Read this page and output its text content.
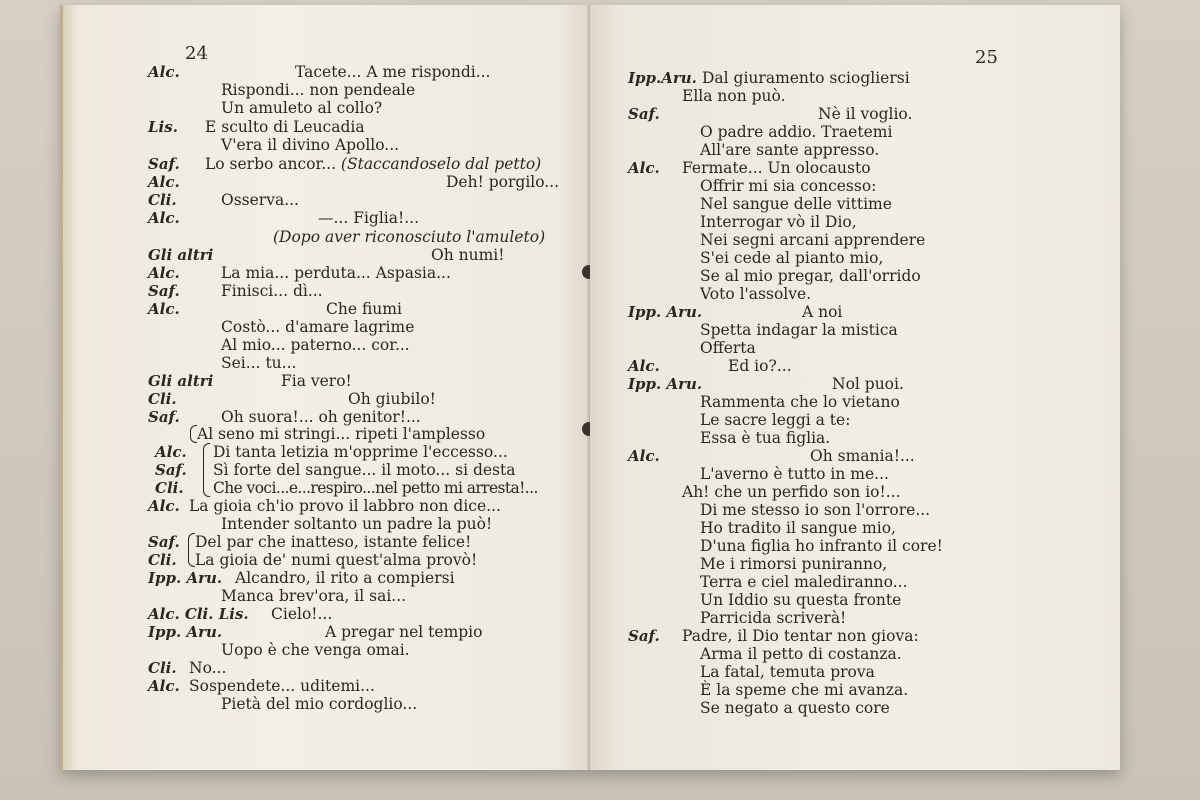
24
Alc.	Tacete... A me rispondi...
Rispondi... non pendeale
Un amuleto al collo?
Lis. E sculto di Leucadia
V'era il divino Apollo...
Saf. Lo serbo ancor... (Staccandoselo dal petto)
Deh! porgilo...
Alc.
Cli.	Osserva...
Alc.	—... Figlia!...
(Dopo aver riconosciuto l'amuleto)
Gli altri	Oh numi!
Alc.	La mia... perduta... Aspasia...
Saf.	Finisci... dì...
Alc.	Che fiumi
Costò... d'amare lagrime
Al mio... paterno... cor...
Sei... tu...
Gli altri	Fia vero!
Cli.	Oh giubilo!
Saf.	Oh suora!... oh genitor!...
Al seno mi stringi... ripeti l'amplesso
Alc. Di tanta letizia m'opprime l'eccesso...
Saf. Sì forte del sangue... il moto... si desta
Cli. Che voci...e...respiro...nel petto mi arresta!...
Alc. La gioia ch'io provo il labbro non dice...
Intender soltanto un padre la può!
Saf. Del par che inatteso, istante felice!
Cli. La gioia de' numi quest'alma provò!
Ipp. Aru. Alcandro, il rito a compiersi
Manca brev'ora, il sai...
Alc. Cli. Lis. Cielo!...
Ipp. Aru.	A pregar nel tempio
Uopo è che venga omai.
Cli. No...
Alc. Sospendete... uditemi...
Pietà del mio cordoglio...
25
Ipp.Aru. Dal giuramento sciogliersi
Ella non può.
Saf.	Nè il voglio.
O padre addio. Traetemi
All'are sante appresso.
Alc. Fermate... Un olocausto
Offrir mi sia concesso:
Nel sangue delle vittime
Interrogar vò il Dio,
Nei segni arcani apprendere
S'ei cede al pianto mio,
Se al mio pregar, dall'orrido
Voto l'assolve.
Ipp. Aru.	A noi
Spetta indagar la mistica
Offerta
Alc.	Ed io?...
Ipp. Aru.	Nol puoi.
Rammenta che lo vietano
Le sacre leggi a te:
Essa è tua figlia.
Alc.	Oh smania!...
L'averno è tutto in me...
Ah! che un perfido son io!...
Di me stesso io son l'orrore...
Ho tradito il sangue mio,
D'una figlia ho infranto il core!
Me i rimorsi puniranno,
Terra e ciel malediranno...
Un Iddio su questa fronte
Parricida scriverà!
Saf. Padre, il Dio tentar non giova:
Arma il petto di costanza.
La fatal, temuta prova
È la speme che mi avanza.
Se negato a questo core
